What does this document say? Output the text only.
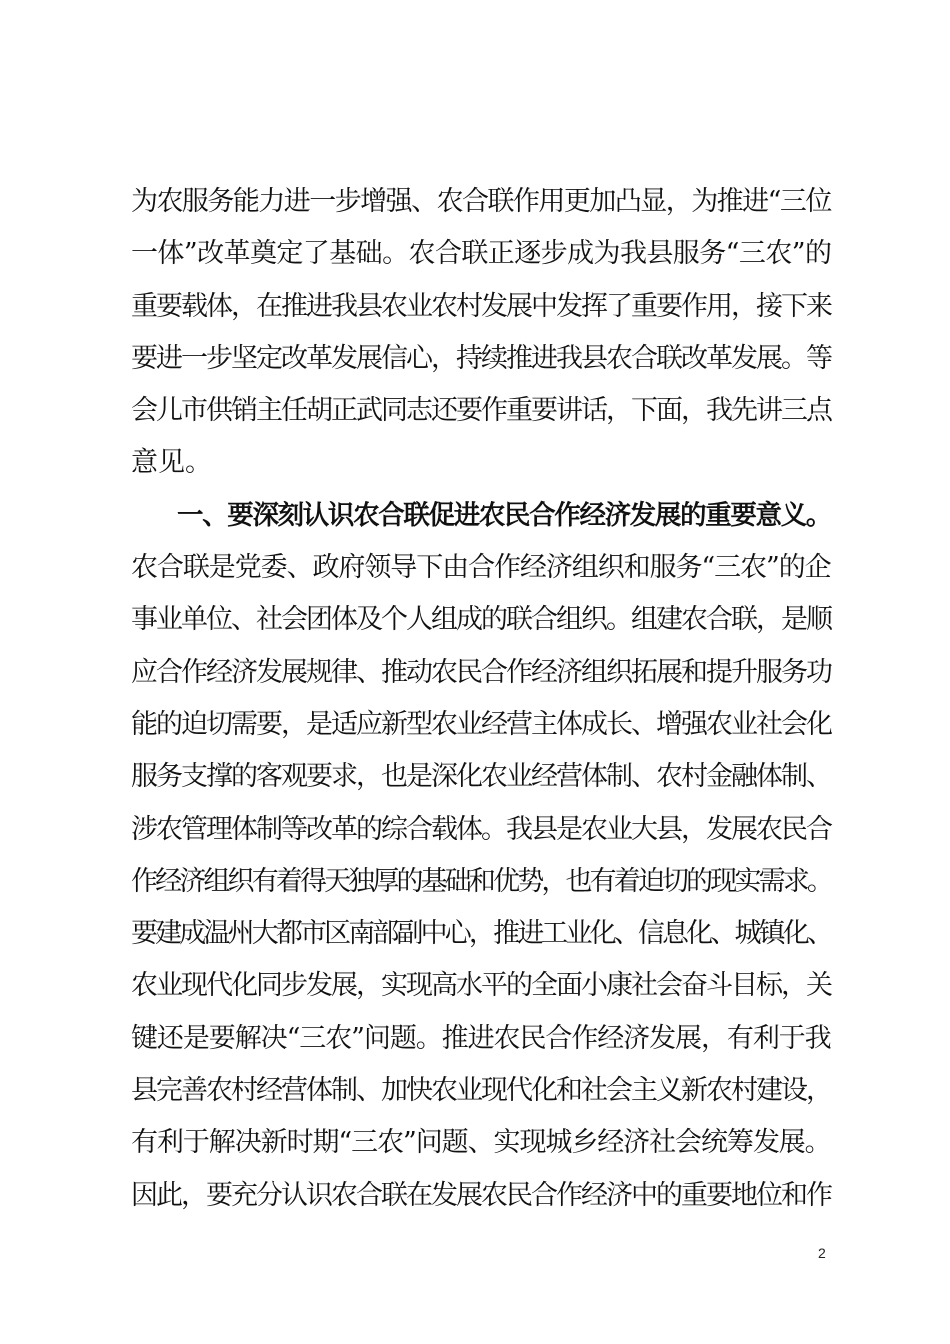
为农服务能力进一步增强、农合联作用更加凸显，为推进“三位
一体”改革奠定了基础。农合联正逐步成为我县服务“三农”的
重要载体，在推进我县农业农村发展中发挥了重要作用，接下来
要进一步坚定改革发展信心，持续推进我县农合联改革发展。等
会儿市供销主任胡正武同志还要作重要讲话，下面，我先讲三点
意见。
一、要深刻认识农合联促进农民合作经济发展的重要意义。
农合联是党委、政府领导下由合作经济组织和服务“三农”的企
事业单位、社会团体及个人组成的联合组织。组建农合联，是顺
应合作经济发展规律、推动农民合作经济组织拓展和提升服务功
能的迫切需要，是适应新型农业经营主体成长、增强农业社会化
服务支撑的客观要求，也是深化农业经营体制、农村金融体制、
涉农管理体制等改革的综合载体。我县是农业大县，发展农民合
作经济组织有着得天独厚的基础和优势，也有着迫切的现实需求。
要建成温州大都市区南部副中心，推进工业化、信息化、城镇化、
农业现代化同步发展，实现高水平的全面小康社会奋斗目标，关
键还是要解决“三农”问题。推进农民合作经济发展，有利于我
县完善农村经营体制、加快农业现代化和社会主义新农村建设，
有利于解决新时期“三农”问题、实现城乡经济社会统筹发展。
因此，要充分认识农合联在发展农民合作经济中的重要地位和作
2
